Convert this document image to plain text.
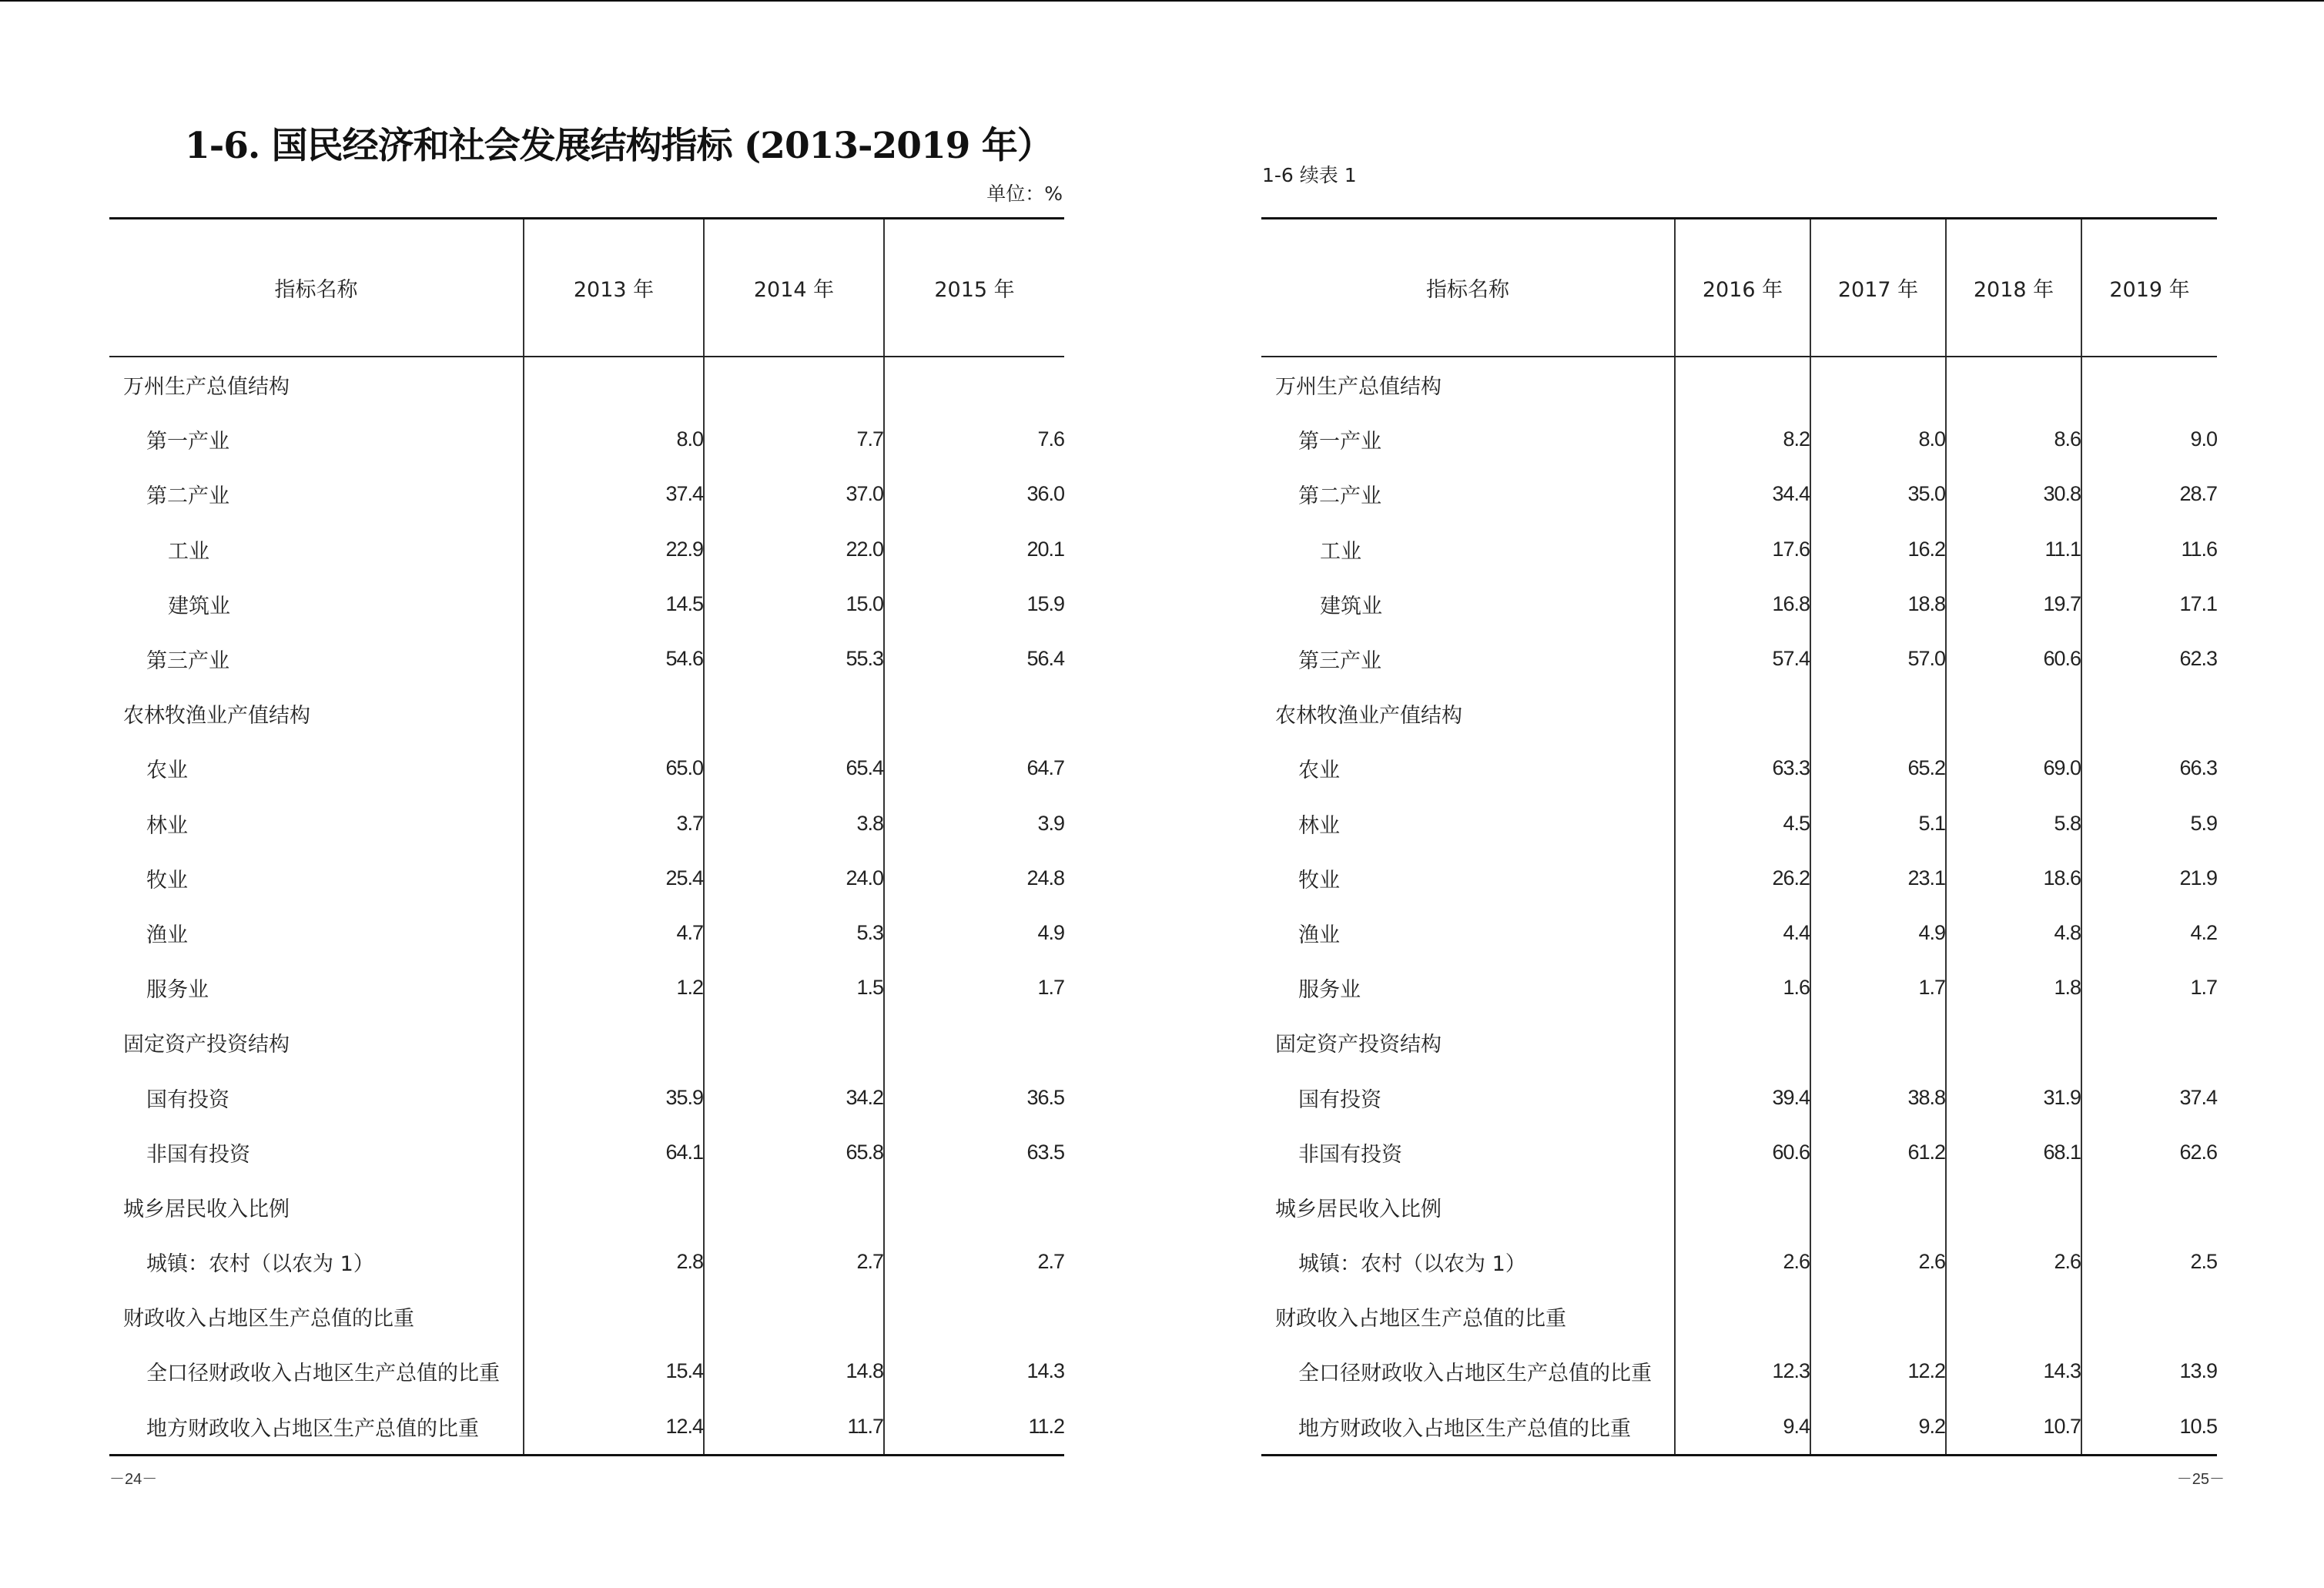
1-6. 国民经济和社会发展结构指标 (2013-2019 年）
单位：%
指标名称	2013 年	2014 年	2015 年
万州生产总值结构			
第一产业	8.0	7.7	7.6
第二产业	37.4	37.0	36.0
工业	22.9	22.0	20.1
建筑业	14.5	15.0	15.9
第三产业	54.6	55.3	56.4
农林牧渔业产值结构			
农业	65.0	65.4	64.7
林业	3.7	3.8	3.9
牧业	25.4	24.0	24.8
渔业	4.7	5.3	4.9
服务业	1.2	1.5	1.7
固定资产投资结构			
国有投资	35.9	34.2	36.5
非国有投资	64.1	65.8	63.5
城乡居民收入比例			
城镇：农村（以农为 1）	2.8	2.7	2.7
财政收入占地区生产总值的比重			
全口径财政收入占地区生产总值的比重	15.4	14.8	14.3
地方财政收入占地区生产总值的比重	12.4	11.7	11.2
－24－
1-6 续表 1
指标名称	2016 年	2017 年	2018 年	2019 年
万州生产总值结构				
第一产业	8.2	8.0	8.6	9.0
第二产业	34.4	35.0	30.8	28.7
工业	17.6	16.2	11.1	11.6
建筑业	16.8	18.8	19.7	17.1
第三产业	57.4	57.0	60.6	62.3
农林牧渔业产值结构				
农业	63.3	65.2	69.0	66.3
林业	4.5	5.1	5.8	5.9
牧业	26.2	23.1	18.6	21.9
渔业	4.4	4.9	4.8	4.2
服务业	1.6	1.7	1.8	1.7
固定资产投资结构				
国有投资	39.4	38.8	31.9	37.4
非国有投资	60.6	61.2	68.1	62.6
城乡居民收入比例				
城镇：农村（以农为 1）	2.6	2.6	2.6	2.5
财政收入占地区生产总值的比重				
全口径财政收入占地区生产总值的比重	12.3	12.2	14.3	13.9
地方财政收入占地区生产总值的比重	9.4	9.2	10.7	10.5
－25－
